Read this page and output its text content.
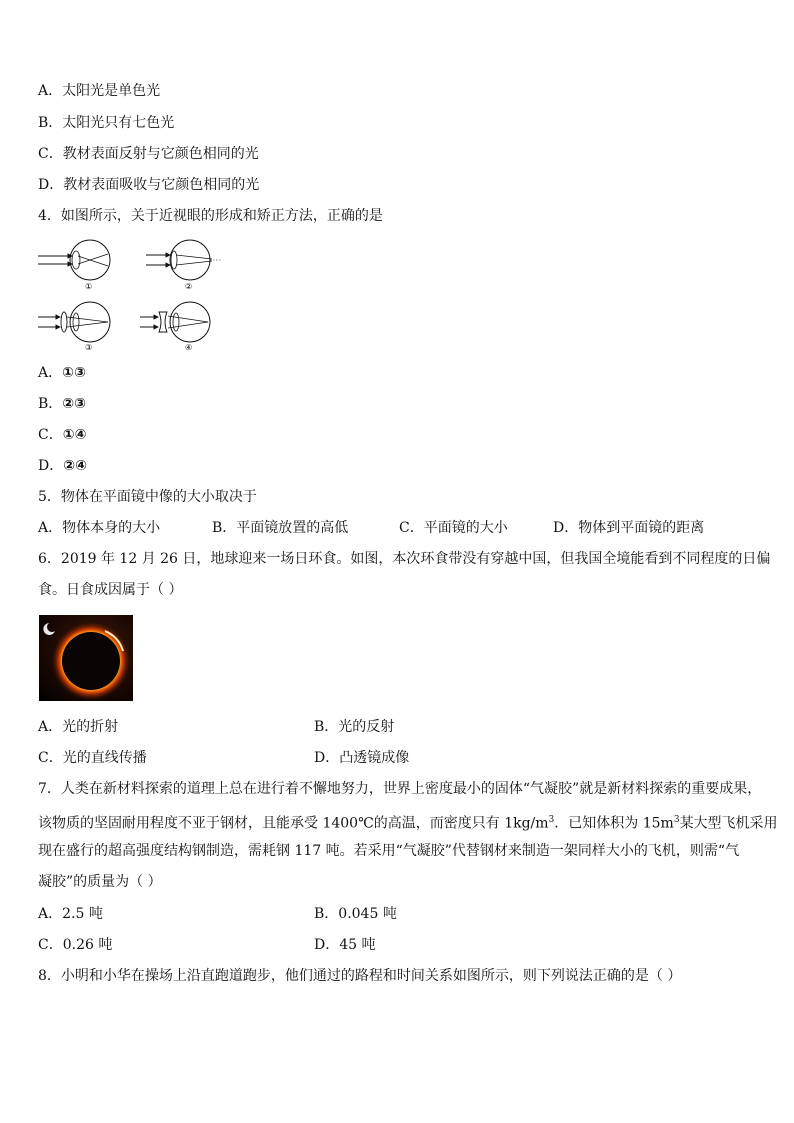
A．太阳光是单色光
B．太阳光只有七色光
C．教材表面反射与它颜色相同的光
D．教材表面吸收与它颜色相同的光
4．如图所示，关于近视眼的形成和矫正方法，正确的是
①	②
③	④
A．①③
B．②③
C．①④
D．②④
5．物体在平面镜中像的大小取决于
A．物体本身的大小	B．平面镜放置的高低	C．平面镜的大小	D．物体到平面镜的距离
6．2019 年 12 月 26 日，地球迎来一场日环食。如图，本次环食带没有穿越中国，但我国全境能看到不同程度的日偏
食。日食成因属于（ ）
A．光的折射	B．光的反射
C．光的直线传播	D．凸透镜成像
7．人类在新材料探索的道理上总在进行着不懈地努力，世界上密度最小的固体“气凝胶”就是新材料探索的重要成果，
该物质的坚固耐用程度不亚于钢材，且能承受 1400℃的高温，而密度只有 $1kg/m^3$．已知体积为 $15m^3$某大型飞机采用
现在盛行的超高强度结构钢制造，需耗钢 117 吨。若采用“气凝胶”代替钢材来制造一架同样大小的飞机，则需“气
凝胶”的质量为（ ）
A．2.5 吨	B．0.045 吨
C．0.26 吨	D．45 吨
8．小明和小华在操场上沿直跑道跑步，他们通过的路程和时间关系如图所示，则下列说法正确的是（ ）
